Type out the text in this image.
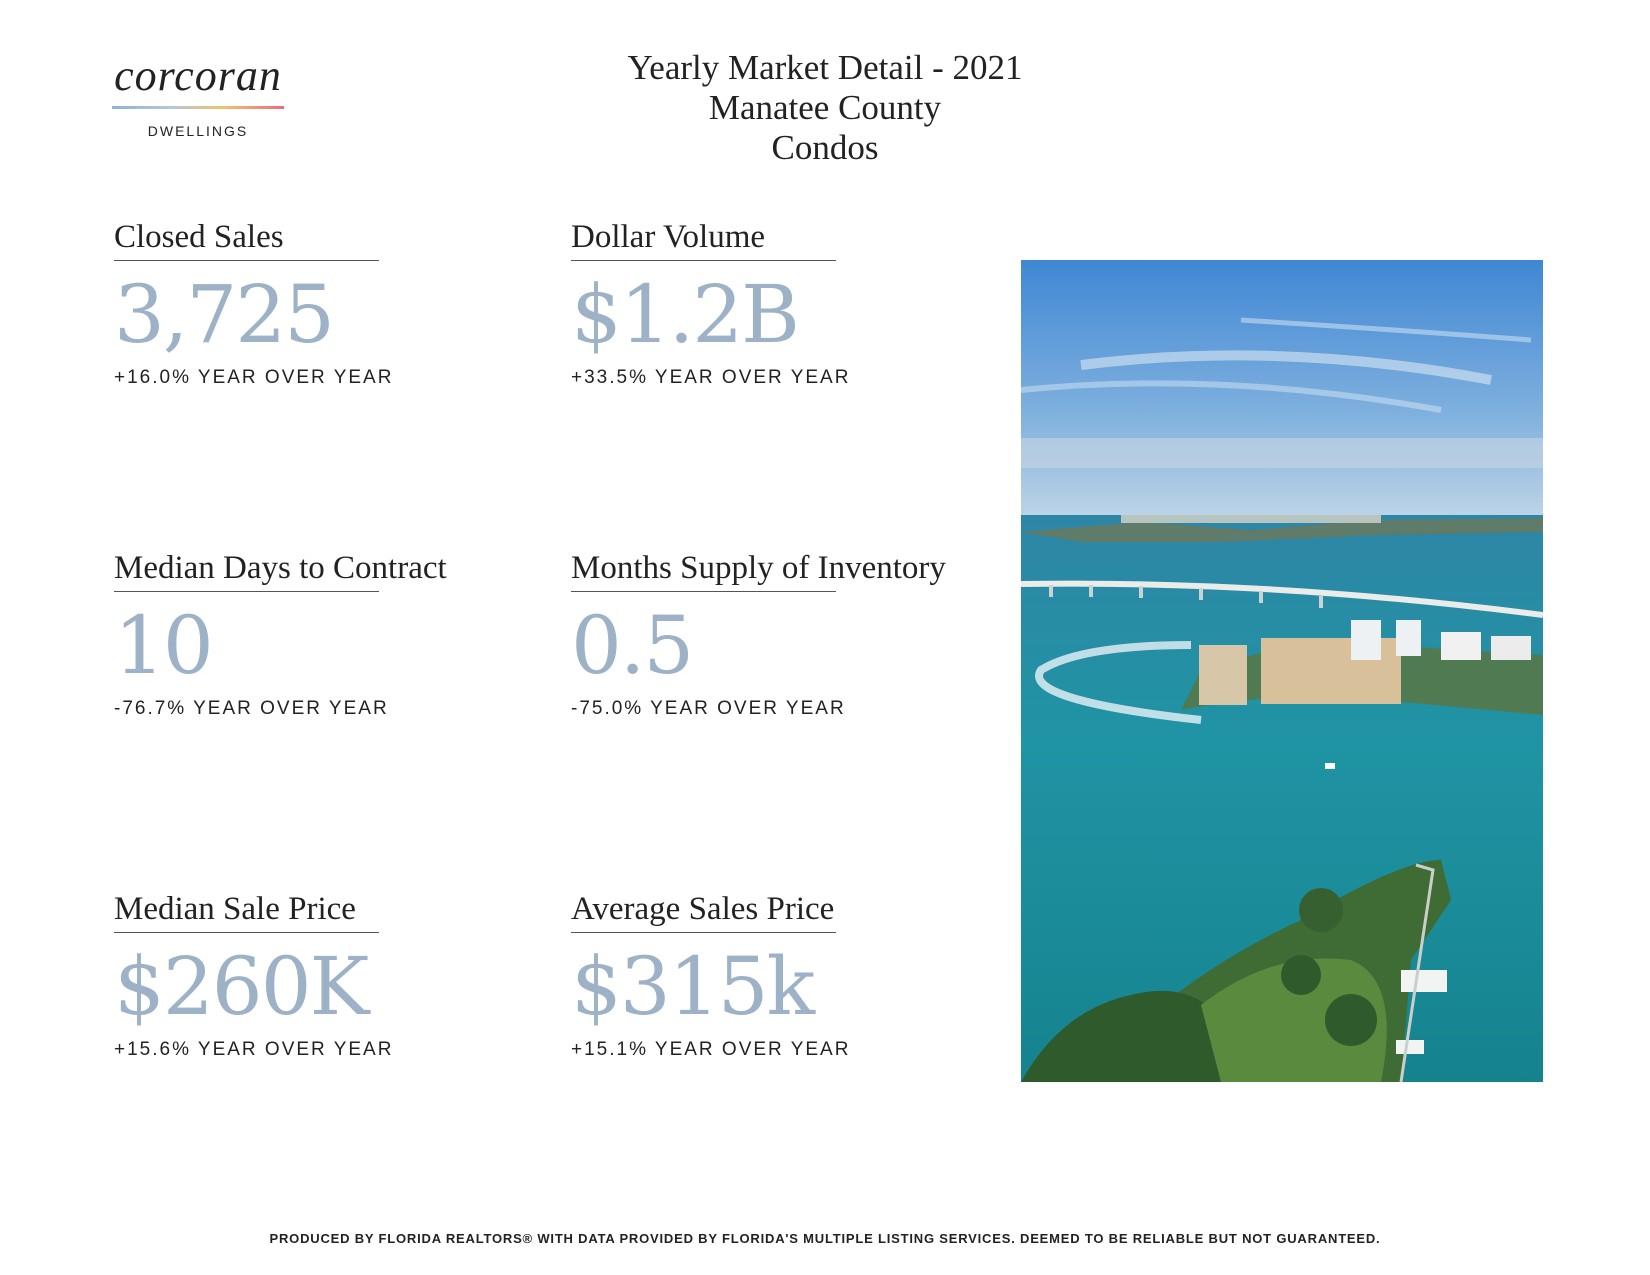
corcoran
DWELLINGS
Yearly Market Detail - 2021
Manatee County
Condos
Closed Sales
3,725
+16.0% YEAR OVER YEAR
Dollar Volume
$1.2B
+33.5% YEAR OVER YEAR
Median Days to Contract
10
-76.7% YEAR OVER YEAR
Months Supply of Inventory
0.5
-75.0% YEAR OVER YEAR
Median Sale Price
$260K
+15.6% YEAR OVER YEAR
Average Sales Price
$315k
+15.1% YEAR OVER YEAR
PRODUCED BY FLORIDA REALTORS® WITH DATA PROVIDED BY FLORIDA'S MULTIPLE LISTING SERVICES. DEEMED TO BE RELIABLE BUT NOT GUARANTEED.
